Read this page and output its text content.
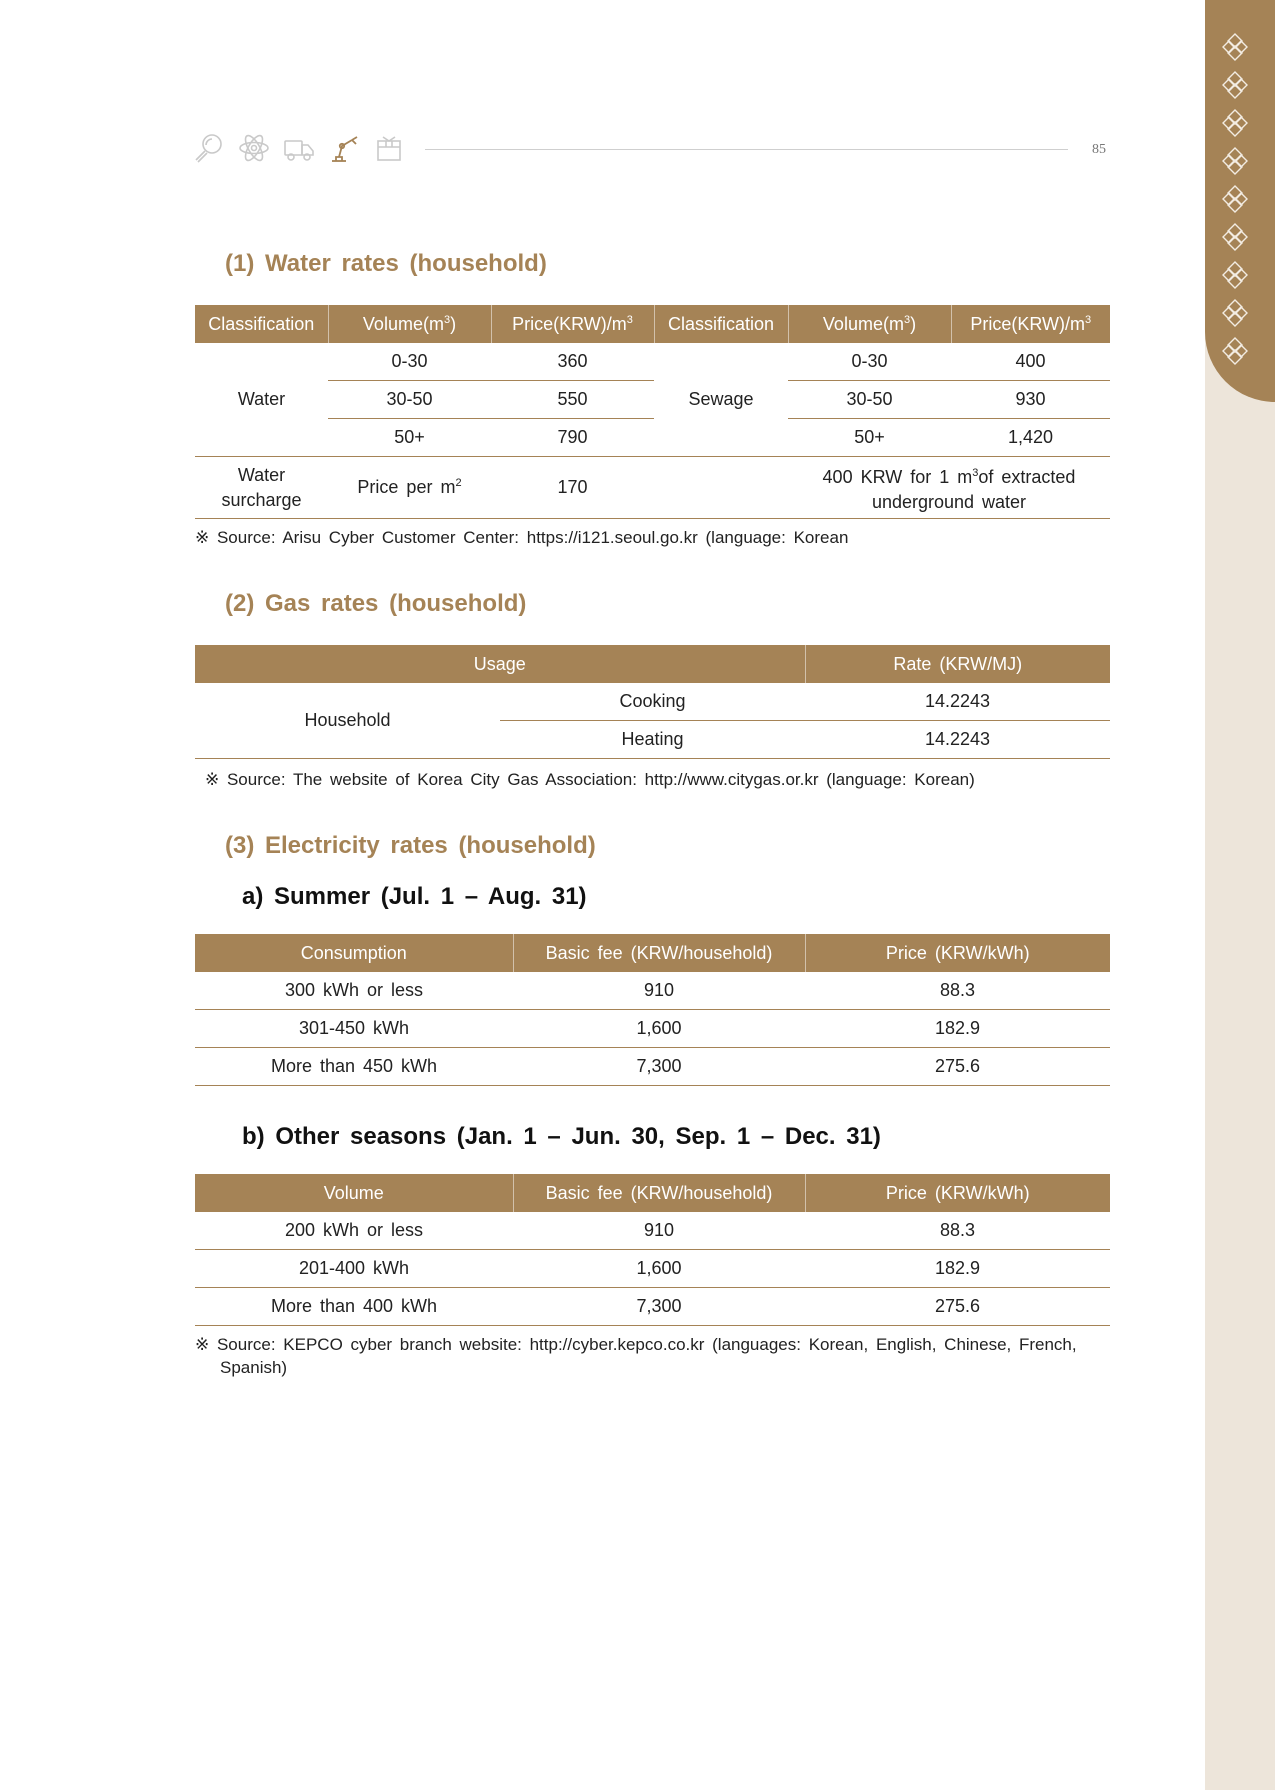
85
(1) Water rates (household)
Classification	$Volume(m^3)$	$Price(KRW)/m^3$	Classification	$Volume(m^3)$	$Price(KRW)/m^3$
Water	0-30	360	Sewage	0-30	400
	30-50	550		30-50	930
	50+	790		50+	1,420
Water
surcharge	Price per $m^2$	170		400 KRW for 1 $m^3of$ extracted
underground water	

※ Source: Arisu Cyber Customer Center: https://i121.seoul.go.kr (language: Korean

(2) Gas rates (household)
Usage		Rate (KRW/MJ)
Household	Cooking	14.2243
	Heating	14.2243

※ Source: The website of Korea City Gas Association: http://www.citygas.or.kr (language: Korean)

(3) Electricity rates (household)
a) Summer (Jul. 1 – Aug. 31)
Consumption	Basic fee (KRW/household)	Price (KRW/kWh)
300 kWh or less	910	88.3
301-450 kWh	1,600	182.9
More than 450 kWh	7,300	275.6
b) Other seasons (Jan. 1 – Jun. 30, Sep. 1 – Dec. 31)
Volume	Basic fee (KRW/household)	Price (KRW/kWh)
200 kWh or less	910	88.3
201-400 kWh	1,600	182.9
More than 400 kWh	7,300	275.6
※ Source: KEPCO cyber branch website: http://cyber.kepco.co.kr (languages: Korean, English, Chinese, French,
Spanish)
